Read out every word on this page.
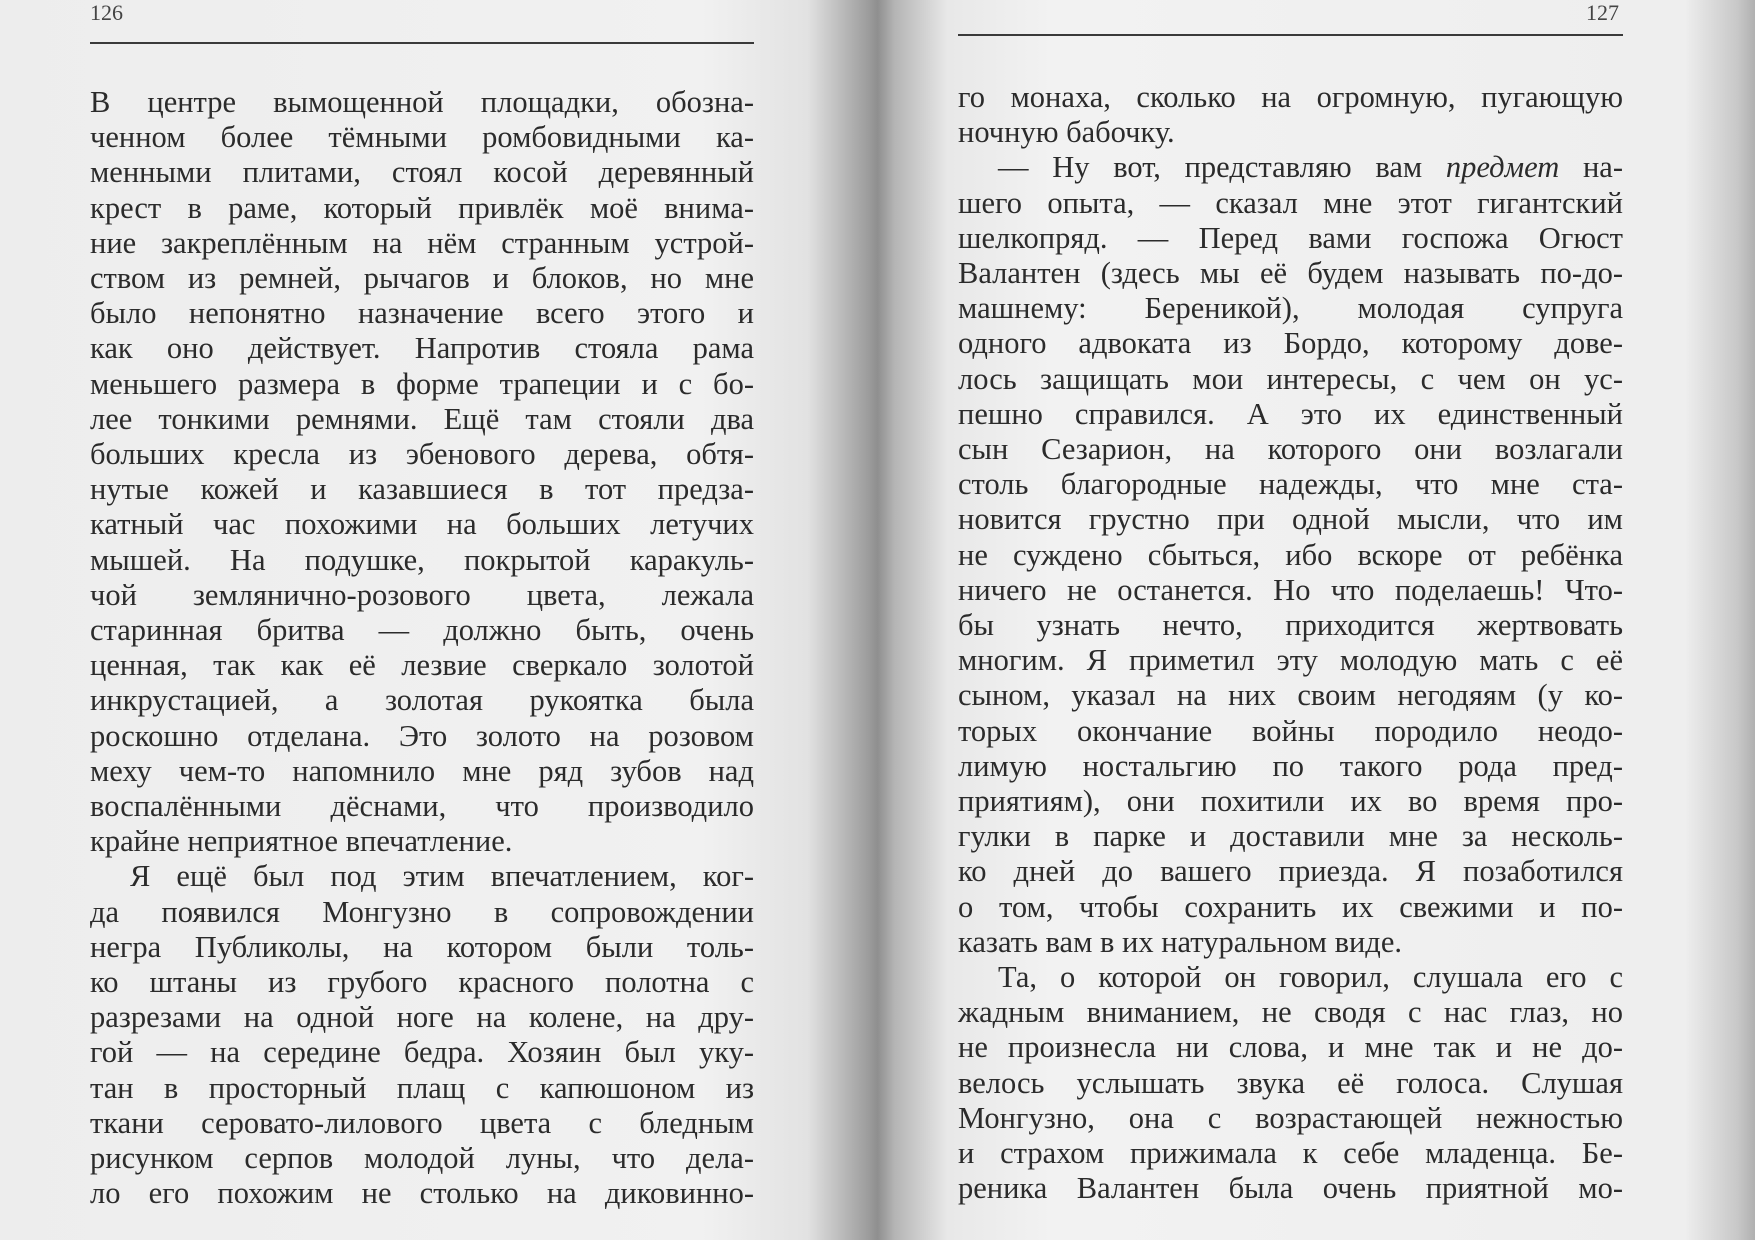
126
В центре вымощенной площадки, обозна-
ченном более тёмными ромбовидными ка-
менными плитами, стоял косой деревянный
крест в раме, который привлёк моё внима-
ние закреплённым на нём странным устрой-
ством из ремней, рычагов и блоков, но мне
было непонятно назначение всего этого и
как оно действует. Напротив стояла рама
меньшего размера в форме трапеции и с бо-
лее тонкими ремнями. Ещё там стояли два
больших кресла из эбенового дерева, обтя-
нутые кожей и казавшиеся в тот предза-
катный час похожими на больших летучих
мышей. На подушке, покрытой каракуль-
чой землянично-розового цвета, лежала
старинная бритва — должно быть, очень
ценная, так как её лезвие сверкало золотой
инкрустацией, а золотая рукоятка была
роскошно отделана. Это золото на розовом
меху чем-то напомнило мне ряд зубов над
воспалёнными дёснами, что производило
крайне неприятное впечатление.
Я ещё был под этим впечатлением, ког-
да появился Монгузно в сопровождении
негра Публиколы, на котором были толь-
ко штаны из грубого красного полотна с
разрезами на одной ноге на колене, на дру-
гой — на середине бедра. Хозяин был уку-
тан в просторный плащ с капюшоном из
ткани серовато-лилового цвета с бледным
рисунком серпов молодой луны, что дела-
ло его похожим не столько на диковинно-
127
го монаха, сколько на огромную, пугающую
ночную бабочку.
— Ну вот, представляю вам предмет на-
шего опыта, — сказал мне этот гигантский
шелкопряд. — Перед вами госпожа Огюст
Валантен (здесь мы её будем называть по-до-
машнему: Береникой), молодая супруга
одного адвоката из Бордо, которому дове-
лось защищать мои интересы, с чем он ус-
пешно справился. А это их единственный
сын Сезарион, на которого они возлагали
столь благородные надежды, что мне ста-
новится грустно при одной мысли, что им
не суждено сбыться, ибо вскоре от ребёнка
ничего не останется. Но что поделаешь! Что-
бы узнать нечто, приходится жертвовать
многим. Я приметил эту молодую мать с её
сыном, указал на них своим негодяям (у ко-
торых окончание войны породило неодо-
лимую ностальгию по такого рода пред-
приятиям), они похитили их во время про-
гулки в парке и доставили мне за несколь-
ко дней до вашего приезда. Я позаботился
о том, чтобы сохранить их свежими и по-
казать вам в их натуральном виде.
Та, о которой он говорил, слушала его с
жадным вниманием, не сводя с нас глаз, но
не произнесла ни слова, и мне так и не до-
велось услышать звука её голоса. Слушая
Монгузно, она с возрастающей нежностью
и страхом прижимала к себе младенца. Бе-
реника Валантен была очень приятной мо-
